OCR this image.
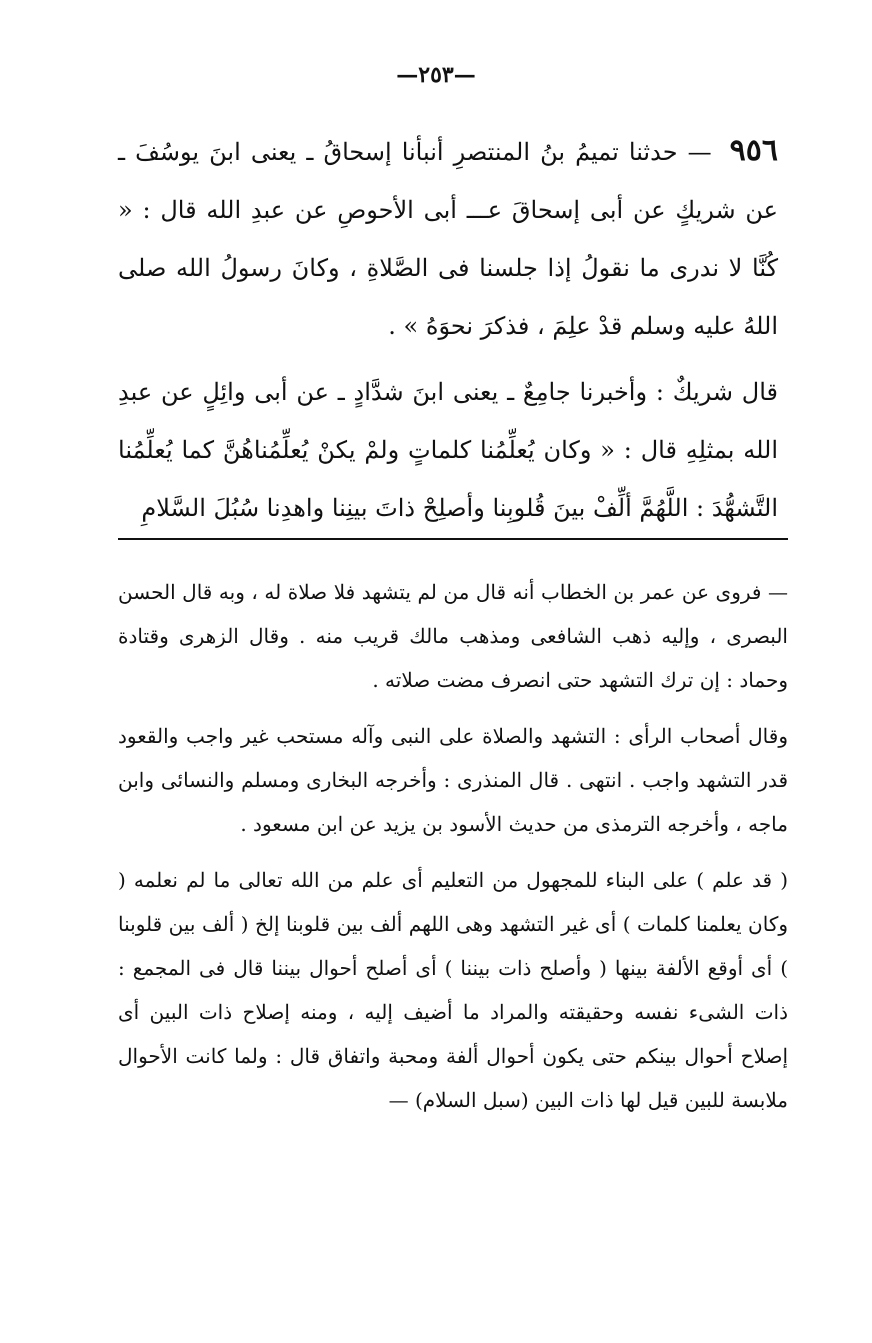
—٢٥٣—

٩٥٦ — حدثنا تميمُ بنُ المنتصرِ أنبأنا إسحاقُ ـ يعنى ابنَ يوسُفَ ـ عن شريكٍ عن أبى إسحاقَ عـــ أبى الأحوصِ عن عبدِ الله قال : « كُنَّا لا ندرى ما نقولُ إذا جلسنا فى الصَّلاةِ ، وكانَ رسولُ الله صلى اللهُ عليه وسلم قدْ علِمَ ، فذكرَ نحوَهُ » .

قال شريكٌ : وأخبرنا جامِعٌ ـ يعنى ابنَ شدَّادٍ ـ عن أبى وائِلٍ عن عبدِ الله بمثلِهِ قال : « وكان يُعلِّمُنا كلماتٍ ولمْ يكنْ يُعلِّمُناهُنَّ كما يُعلِّمُنا التَّشهُّدَ : اللَّهُمَّ ألِّفْ بينَ قُلوبِنا وأصلِحْ ذاتَ بينِنا واهدِنا سُبُلَ السَّلامِ

— فروى عن عمر بن الخطاب أنه قال من لم يتشهد فلا صلاة له ، وبه قال الحسن البصرى ، وإليه ذهب الشافعى ومذهب مالك قريب منه . وقال الزهرى وقتادة وحماد : إن ترك التشهد حتى انصرف مضت صلاته .

وقال أصحاب الرأى : التشهد والصلاة على النبى وآله مستحب غير واجب والقعود قدر التشهد واجب . انتهى . قال المنذرى : وأخرجه البخارى ومسلم والنسائى وابن ماجه ، وأخرجه الترمذى من حديث الأسود بن يزيد عن ابن مسعود .

( قد علم ) على البناء للمجهول من التعليم أى علم من الله تعالى ما لم نعلمه ( وكان يعلمنا كلمات ) أى غير التشهد وهى اللهم ألف بين قلوبنا إلخ ( ألف بين قلوبنا ) أى أوقع الألفة بينها ( وأصلح ذات بيننا ) أى أصلح أحوال بيننا قال فى المجمع : ذات الشىء نفسه وحقيقته والمراد ما أضيف إليه ، ومنه إصلاح ذات البين أى إصلاح أحوال بينكم حتى يكون أحوال ألفة ومحبة واتفاق قال : ولما كانت الأحوال ملابسة للبين قيل لها ذات البين (سبل السلام) —
